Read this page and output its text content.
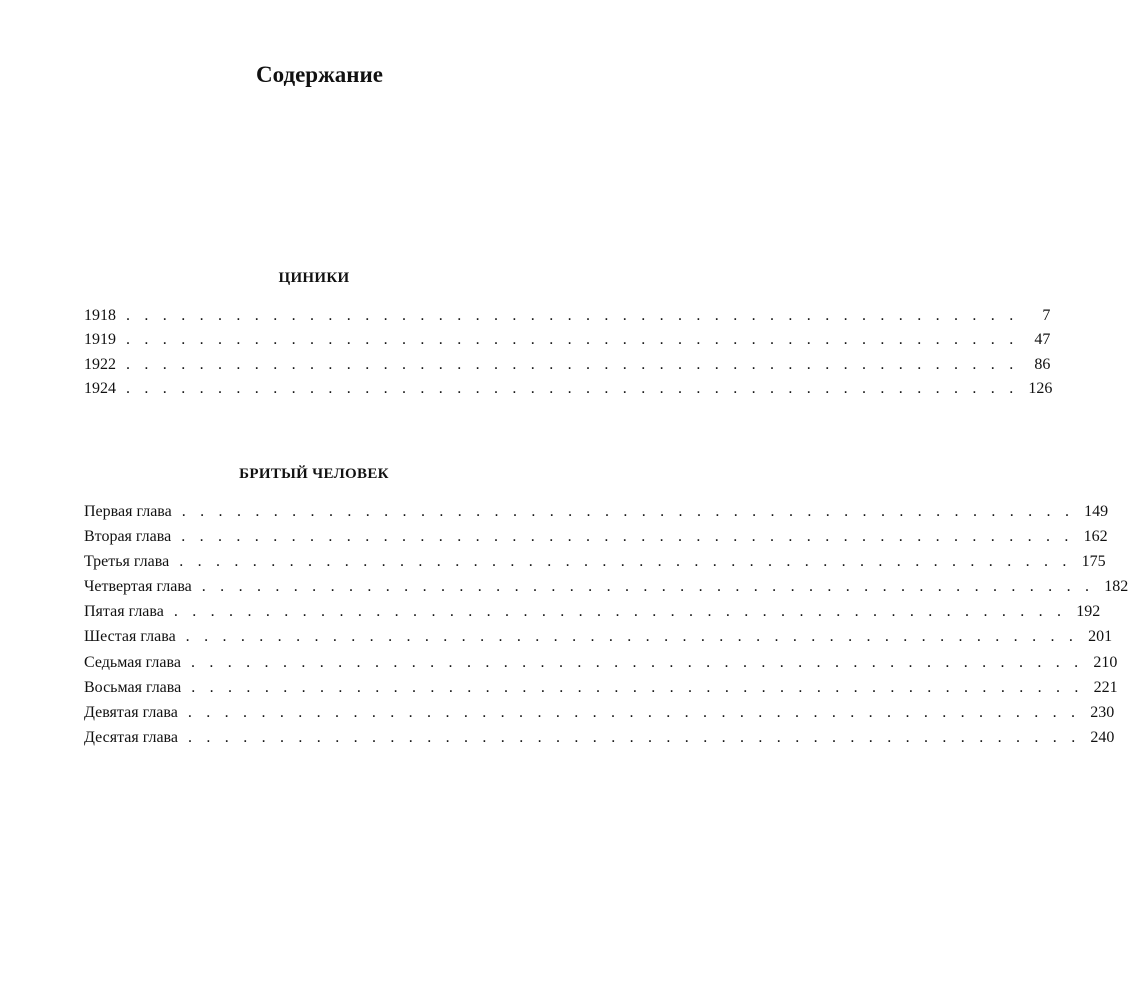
Содержание
ЦИНИКИ
1918 . . . . . . . . . . . . . . . . . . . . . . . . . . . . . . . . . . . . . . . . . . . . . . . . .	7
1919 . . . . . . . . . . . . . . . . . . . . . . . . . . . . . . . . . . . . . . . . . . . . . . . . .	47
1922 . . . . . . . . . . . . . . . . . . . . . . . . . . . . . . . . . . . . . . . . . . . . . . . . .	86
1924 . . . . . . . . . . . . . . . . . . . . . . . . . . . . . . . . . . . . . . . . . . . . . . . . . 126
БРИТЫЙ ЧЕЛОВЕК
Первая глава . . . . . . . . . . . . . . . . . . . . . . . . . . . . . . . . . . . . . . . . . . . . . . . . . 149
Вторая глава . . . . . . . . . . . . . . . . . . . . . . . . . . . . . . . . . . . . . . . . . . . . . . . . . 162
Третья глава . . . . . . . . . . . . . . . . . . . . . . . . . . . . . . . . . . . . . . . . . . . . . . . . . 175
Четвертая глава . . . . . . . . . . . . . . . . . . . . . . . . . . . . . . . . . . . . . . . . . . . . . . . . . 182
Пятая глава . . . . . . . . . . . . . . . . . . . . . . . . . . . . . . . . . . . . . . . . . . . . . . . . . 192
Шестая глава . . . . . . . . . . . . . . . . . . . . . . . . . . . . . . . . . . . . . . . . . . . . . . . . . 201
Седьмая глава . . . . . . . . . . . . . . . . . . . . . . . . . . . . . . . . . . . . . . . . . . . . . . . . . 210
Восьмая глава . . . . . . . . . . . . . . . . . . . . . . . . . . . . . . . . . . . . . . . . . . . . . . . . . 221
Девятая глава . . . . . . . . . . . . . . . . . . . . . . . . . . . . . . . . . . . . . . . . . . . . . . . . . 230
Десятая глава . . . . . . . . . . . . . . . . . . . . . . . . . . . . . . . . . . . . . . . . . . . . . . . . . 240
